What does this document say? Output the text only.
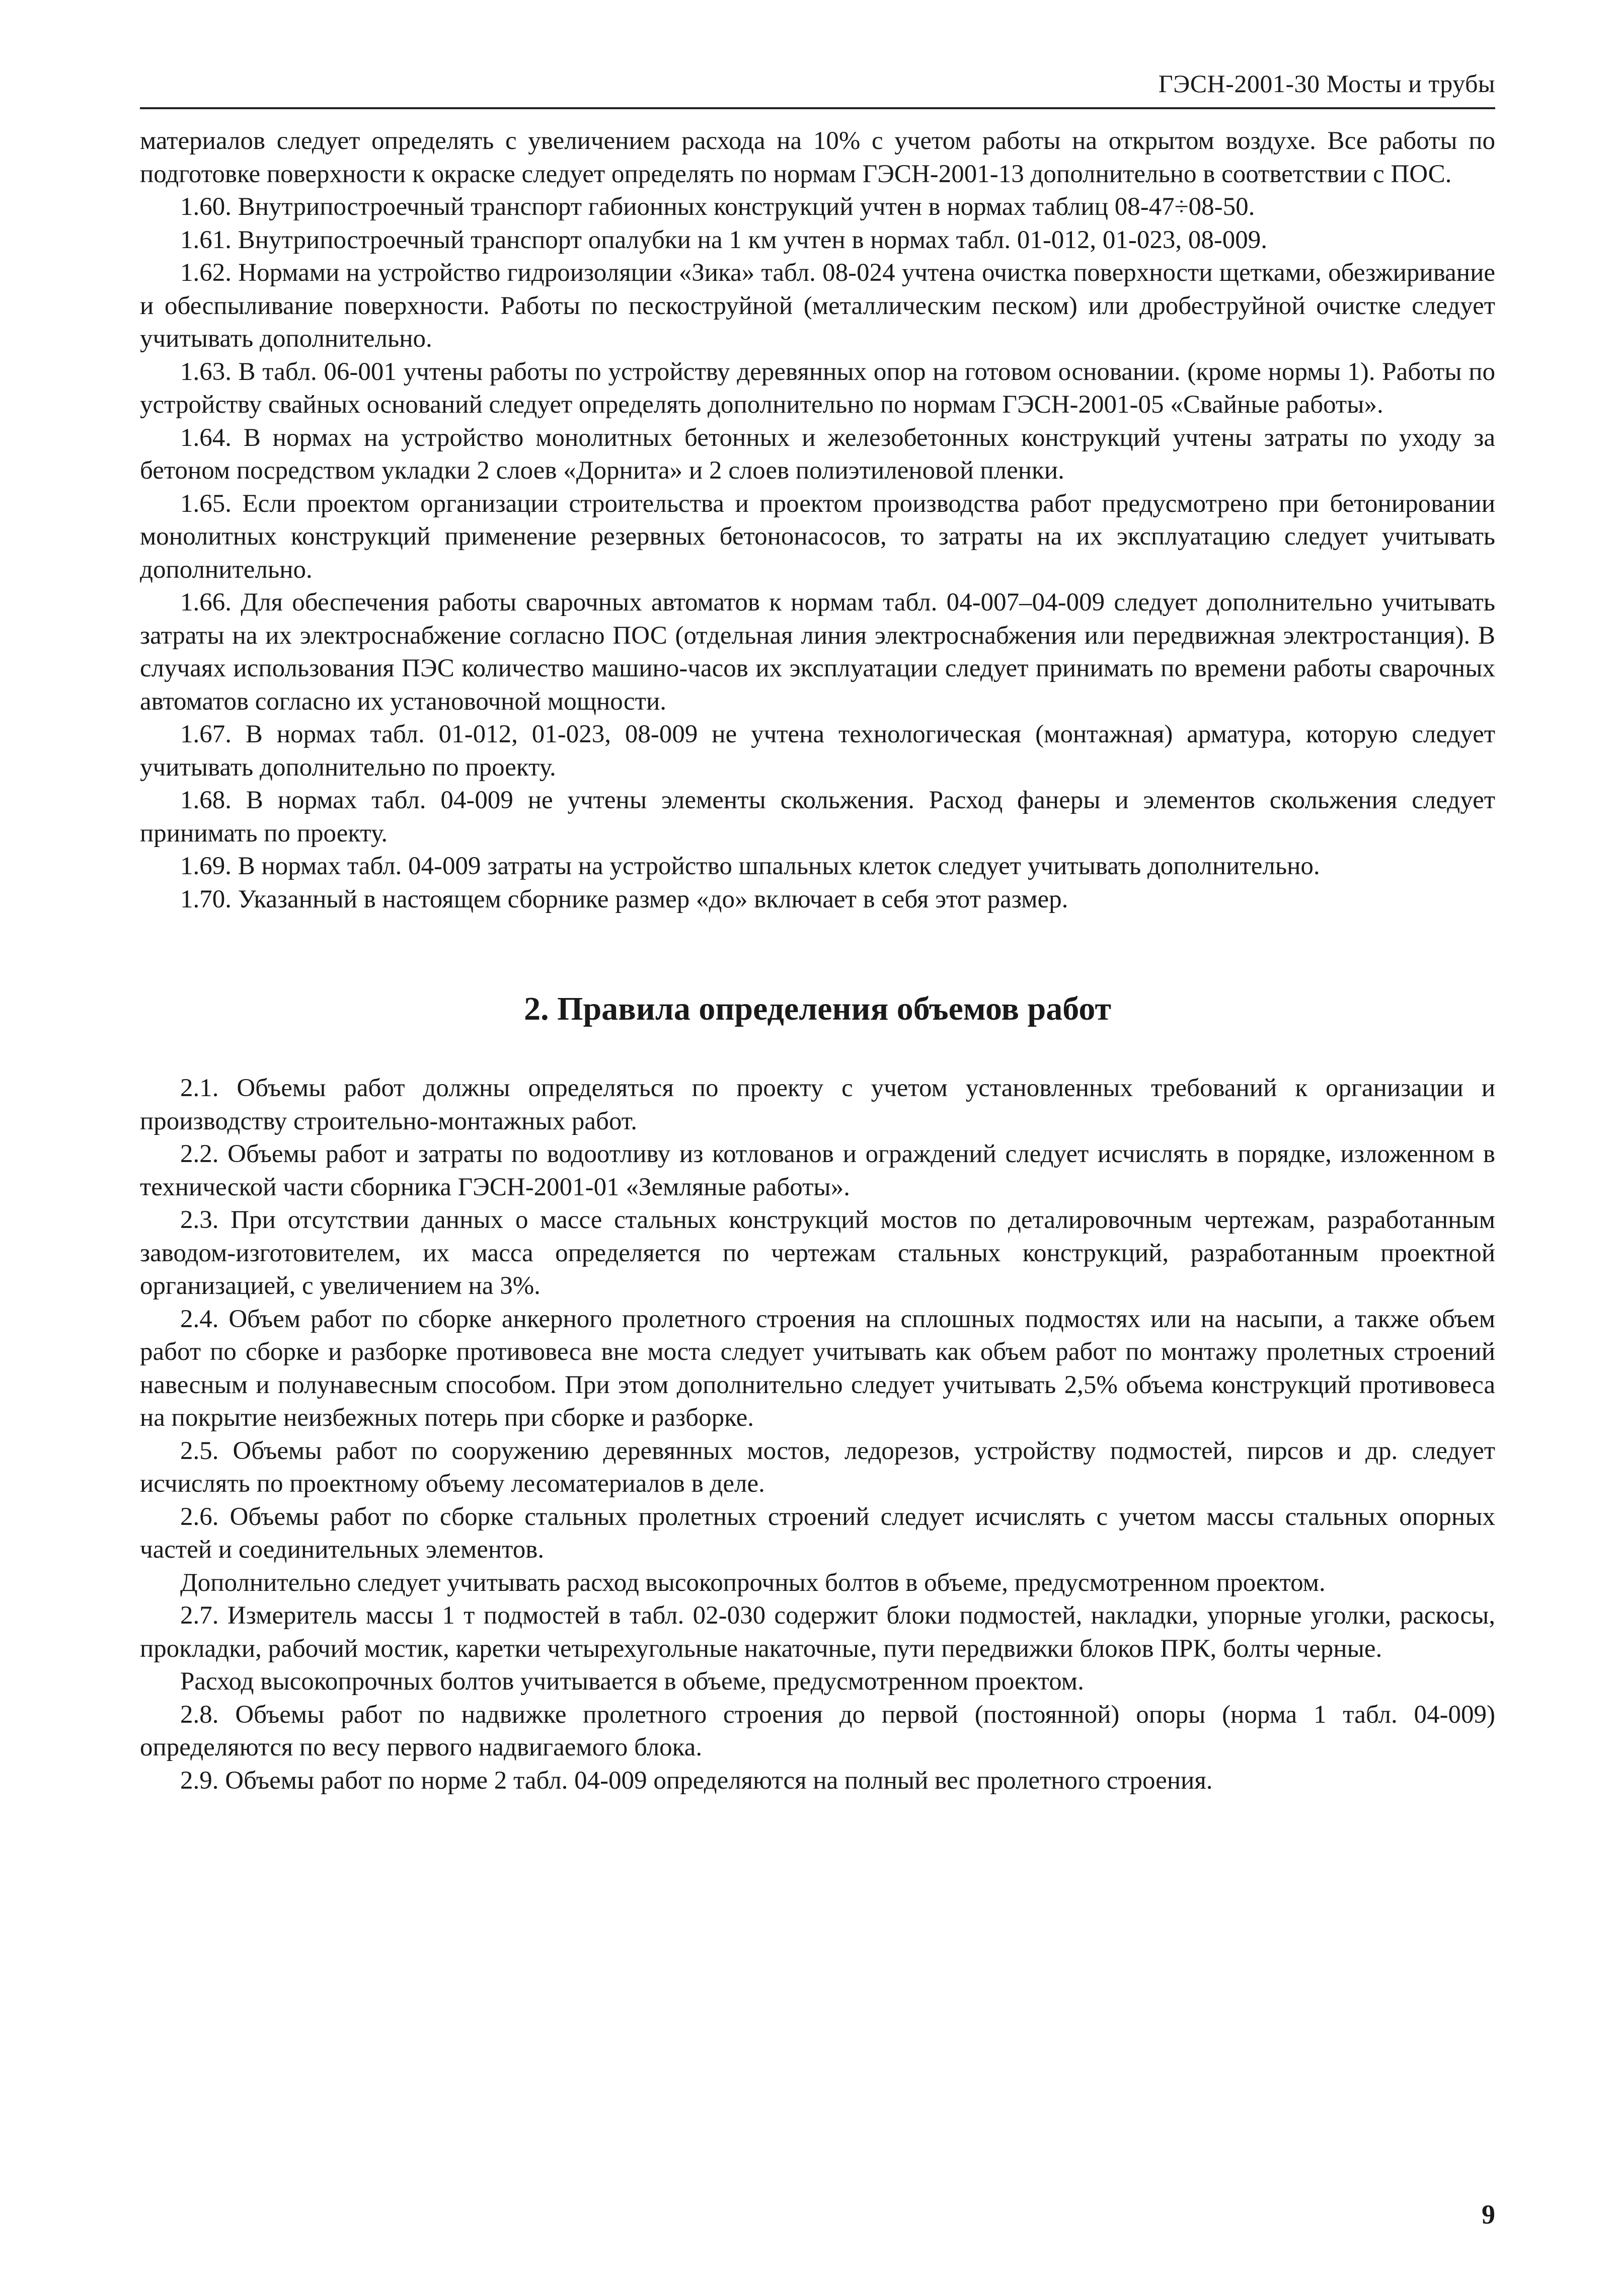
ГЭСН-2001-30 Мосты и трубы

материалов следует определять с увеличением расхода на 10% с учетом работы на открытом воздухе. Все работы по подготовке поверхности к окраске следует определять по нормам ГЭСН-2001-13 дополнительно в соответствии с ПОС.

1.60. Внутрипостроечный транспорт габионных конструкций учтен в нормах таблиц 08-47÷08-50.

1.61. Внутрипостроечный транспорт опалубки на 1 км учтен в нормах табл. 01-012, 01-023, 08-009.

1.62. Нормами на устройство гидроизоляции «Зика» табл. 08-024 учтена очистка поверхности щетками, обезжиривание и обеспыливание поверхности. Работы по пескоструйной (металлическим песком) или дробеструйной очистке следует учитывать дополнительно.

1.63. В табл. 06-001 учтены работы по устройству деревянных опор на готовом основании. (кроме нормы 1). Работы по устройству свайных оснований следует определять дополнительно по нормам ГЭСН-2001-05 «Свайные работы».

1.64. В нормах на устройство монолитных бетонных и железобетонных конструкций учтены затраты по уходу за бетоном посредством укладки 2 слоев «Дорнита» и 2 слоев полиэтиленовой пленки.

1.65. Если проектом организации строительства и проектом производства работ предусмотрено при бетонировании монолитных конструкций применение резервных бетононасосов, то затраты на их эксплуатацию следует учитывать дополнительно.

1.66. Для обеспечения работы сварочных автоматов к нормам табл. 04-007–04-009 следует дополнительно учитывать затраты на их электроснабжение согласно ПОС (отдельная линия электроснабжения или передвижная электростанция). В случаях использования ПЭС количество машино-часов их эксплуатации следует принимать по времени работы сварочных автоматов согласно их установочной мощности.

1.67. В нормах табл. 01-012, 01-023, 08-009 не учтена технологическая (монтажная) арматура, которую следует учитывать дополнительно по проекту.

1.68. В нормах табл. 04-009 не учтены элементы скольжения. Расход фанеры и элементов скольжения следует принимать по проекту.

1.69. В нормах табл. 04-009 затраты на устройство шпальных клеток следует учитывать дополнительно.

1.70. Указанный в настоящем сборнике размер «до» включает в себя этот размер.

2. Правила определения объемов работ

2.1. Объемы работ должны определяться по проекту с учетом установленных требований к организации и производству строительно-монтажных работ.

2.2. Объемы работ и затраты по водоотливу из котлованов и ограждений следует исчислять в порядке, изложенном в технической части сборника ГЭСН-2001-01 «Земляные работы».

2.3. При отсутствии данных о массе стальных конструкций мостов по деталировочным чертежам, разработанным заводом-изготовителем, их масса определяется по чертежам стальных конструкций, разработанным проектной организацией, с увеличением на 3%.

2.4. Объем работ по сборке анкерного пролетного строения на сплошных подмостях или на насыпи, а также объем работ по сборке и разборке противовеса вне моста следует учитывать как объем работ по монтажу пролетных строений навесным и полунавесным способом. При этом дополнительно следует учитывать 2,5% объема конструкций противовеса на покрытие неизбежных потерь при сборке и разборке.

2.5. Объемы работ по сооружению деревянных мостов, ледорезов, устройству подмостей, пирсов и др. следует исчислять по проектному объему лесоматериалов в деле.

2.6. Объемы работ по сборке стальных пролетных строений следует исчислять с учетом массы стальных опорных частей и соединительных элементов.

Дополнительно следует учитывать расход высокопрочных болтов в объеме, предусмотренном проектом.

2.7. Измеритель массы 1 т подмостей в табл. 02-030 содержит блоки подмостей, накладки, упорные уголки, раскосы, прокладки, рабочий мостик, каретки четырехугольные накаточные, пути передвижки блоков ПРК, болты черные.

Расход высокопрочных болтов учитывается в объеме, предусмотренном проектом.

2.8. Объемы работ по надвижке пролетного строения до первой (постоянной) опоры (норма 1 табл. 04-009) определяются по весу первого надвигаемого блока.

2.9. Объемы работ по норме 2 табл. 04-009 определяются на полный вес пролетного строения.

9
